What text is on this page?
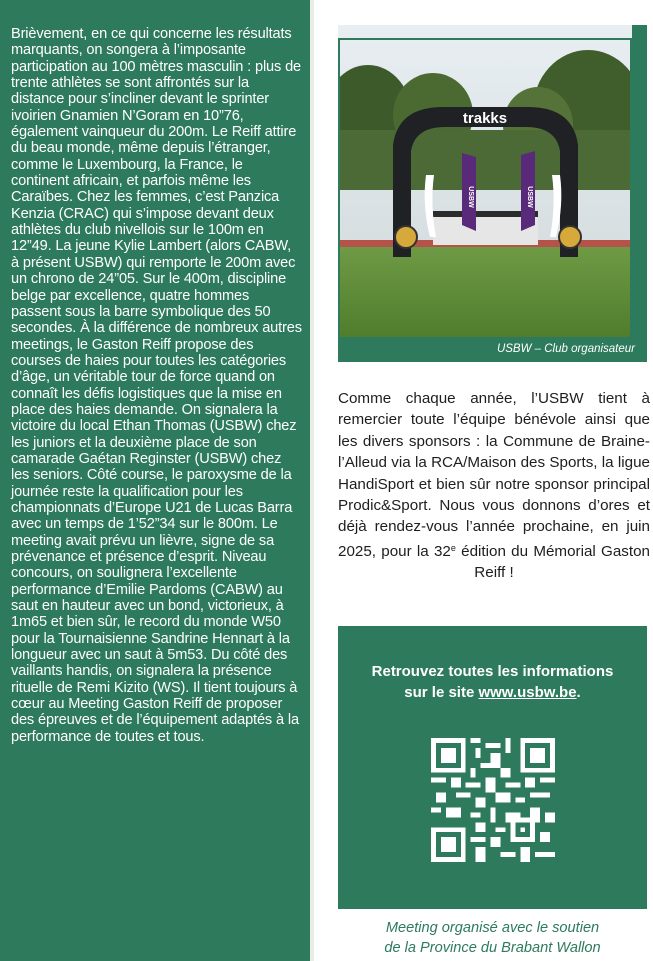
Brièvement, en ce qui concerne les résultats marquants, on songera à l’imposante participation au 100 mètres masculin : plus de trente athlètes se sont affrontés sur la distance pour s’incliner devant le sprinter ivoirien Gnamien N’Goram en 10”76, également vainqueur du 200m. Le Reiff attire du beau monde, même depuis l’étranger, comme le Luxembourg, la France, le continent africain, et parfois même les Caraïbes. Chez les femmes, c’est Panzica Kenzia (CRAC) qui s’impose devant deux athlètes du club nivellois sur le 100m en 12”49. La jeune Kylie Lambert (alors CABW, à présent USBW) qui remporte le 200m avec un chrono de 24”05. Sur le 400m, discipline belge par excellence, quatre hommes passent sous la barre symbolique des 50 secondes. À la différence de nombreux autres meetings, le Gaston Reiff propose des courses de haies pour toutes les catégories d’âge, un véritable tour de force quand on connaît les défis logistiques que la mise en place des haies demande. On signalera la victoire du local Ethan Thomas (USBW) chez les juniors et la deuxième place de son camarade Gaétan Reginster (USBW) chez les seniors. Côté course, le paroxysme de la journée reste la qualification pour les championnats d’Europe U21 de Lucas Barra avec un temps de 1’52”34 sur le 800m. Le meeting avait prévu un lièvre, signe de sa prévenance et présence d’esprit. Niveau concours, on soulignera l’excellente performance d’Emilie Pardoms (CABW) au saut en hauteur avec un bond, victorieux, à 1m65 et bien sûr, le record du monde W50 pour la Tournaisienne Sandrine Hennart à la longueur avec un saut à 5m53. Du côté des vaillants handis, on signalera la présence rituelle de Remi Kizito (WS). Il tient toujours à cœur au Meeting Gaston Reiff de proposer des épreuves et de l’équipement adaptés à la performance de toutes et tous.

trakks
USBW	USBW
USBW – Club organisateur
Comme chaque année, l’USBW tient à remercier toute l’équipe bénévole ainsi que les divers sponsors : la Commune de Braine-l’Alleud via la RCA/Maison des Sports, la ligue HandiSport et bien sûr notre sponsor principal Prodic&Sport. Nous vous donnons d’ores et déjà rendez-vous l’année prochaine, en juin 2025, pour la 32e édition du Mémorial Gaston Reiff !
Retrouvez toutes les informations
sur le site www.usbw.be.
Meeting organisé avec le soutien
de la Province du Brabant Wallon
